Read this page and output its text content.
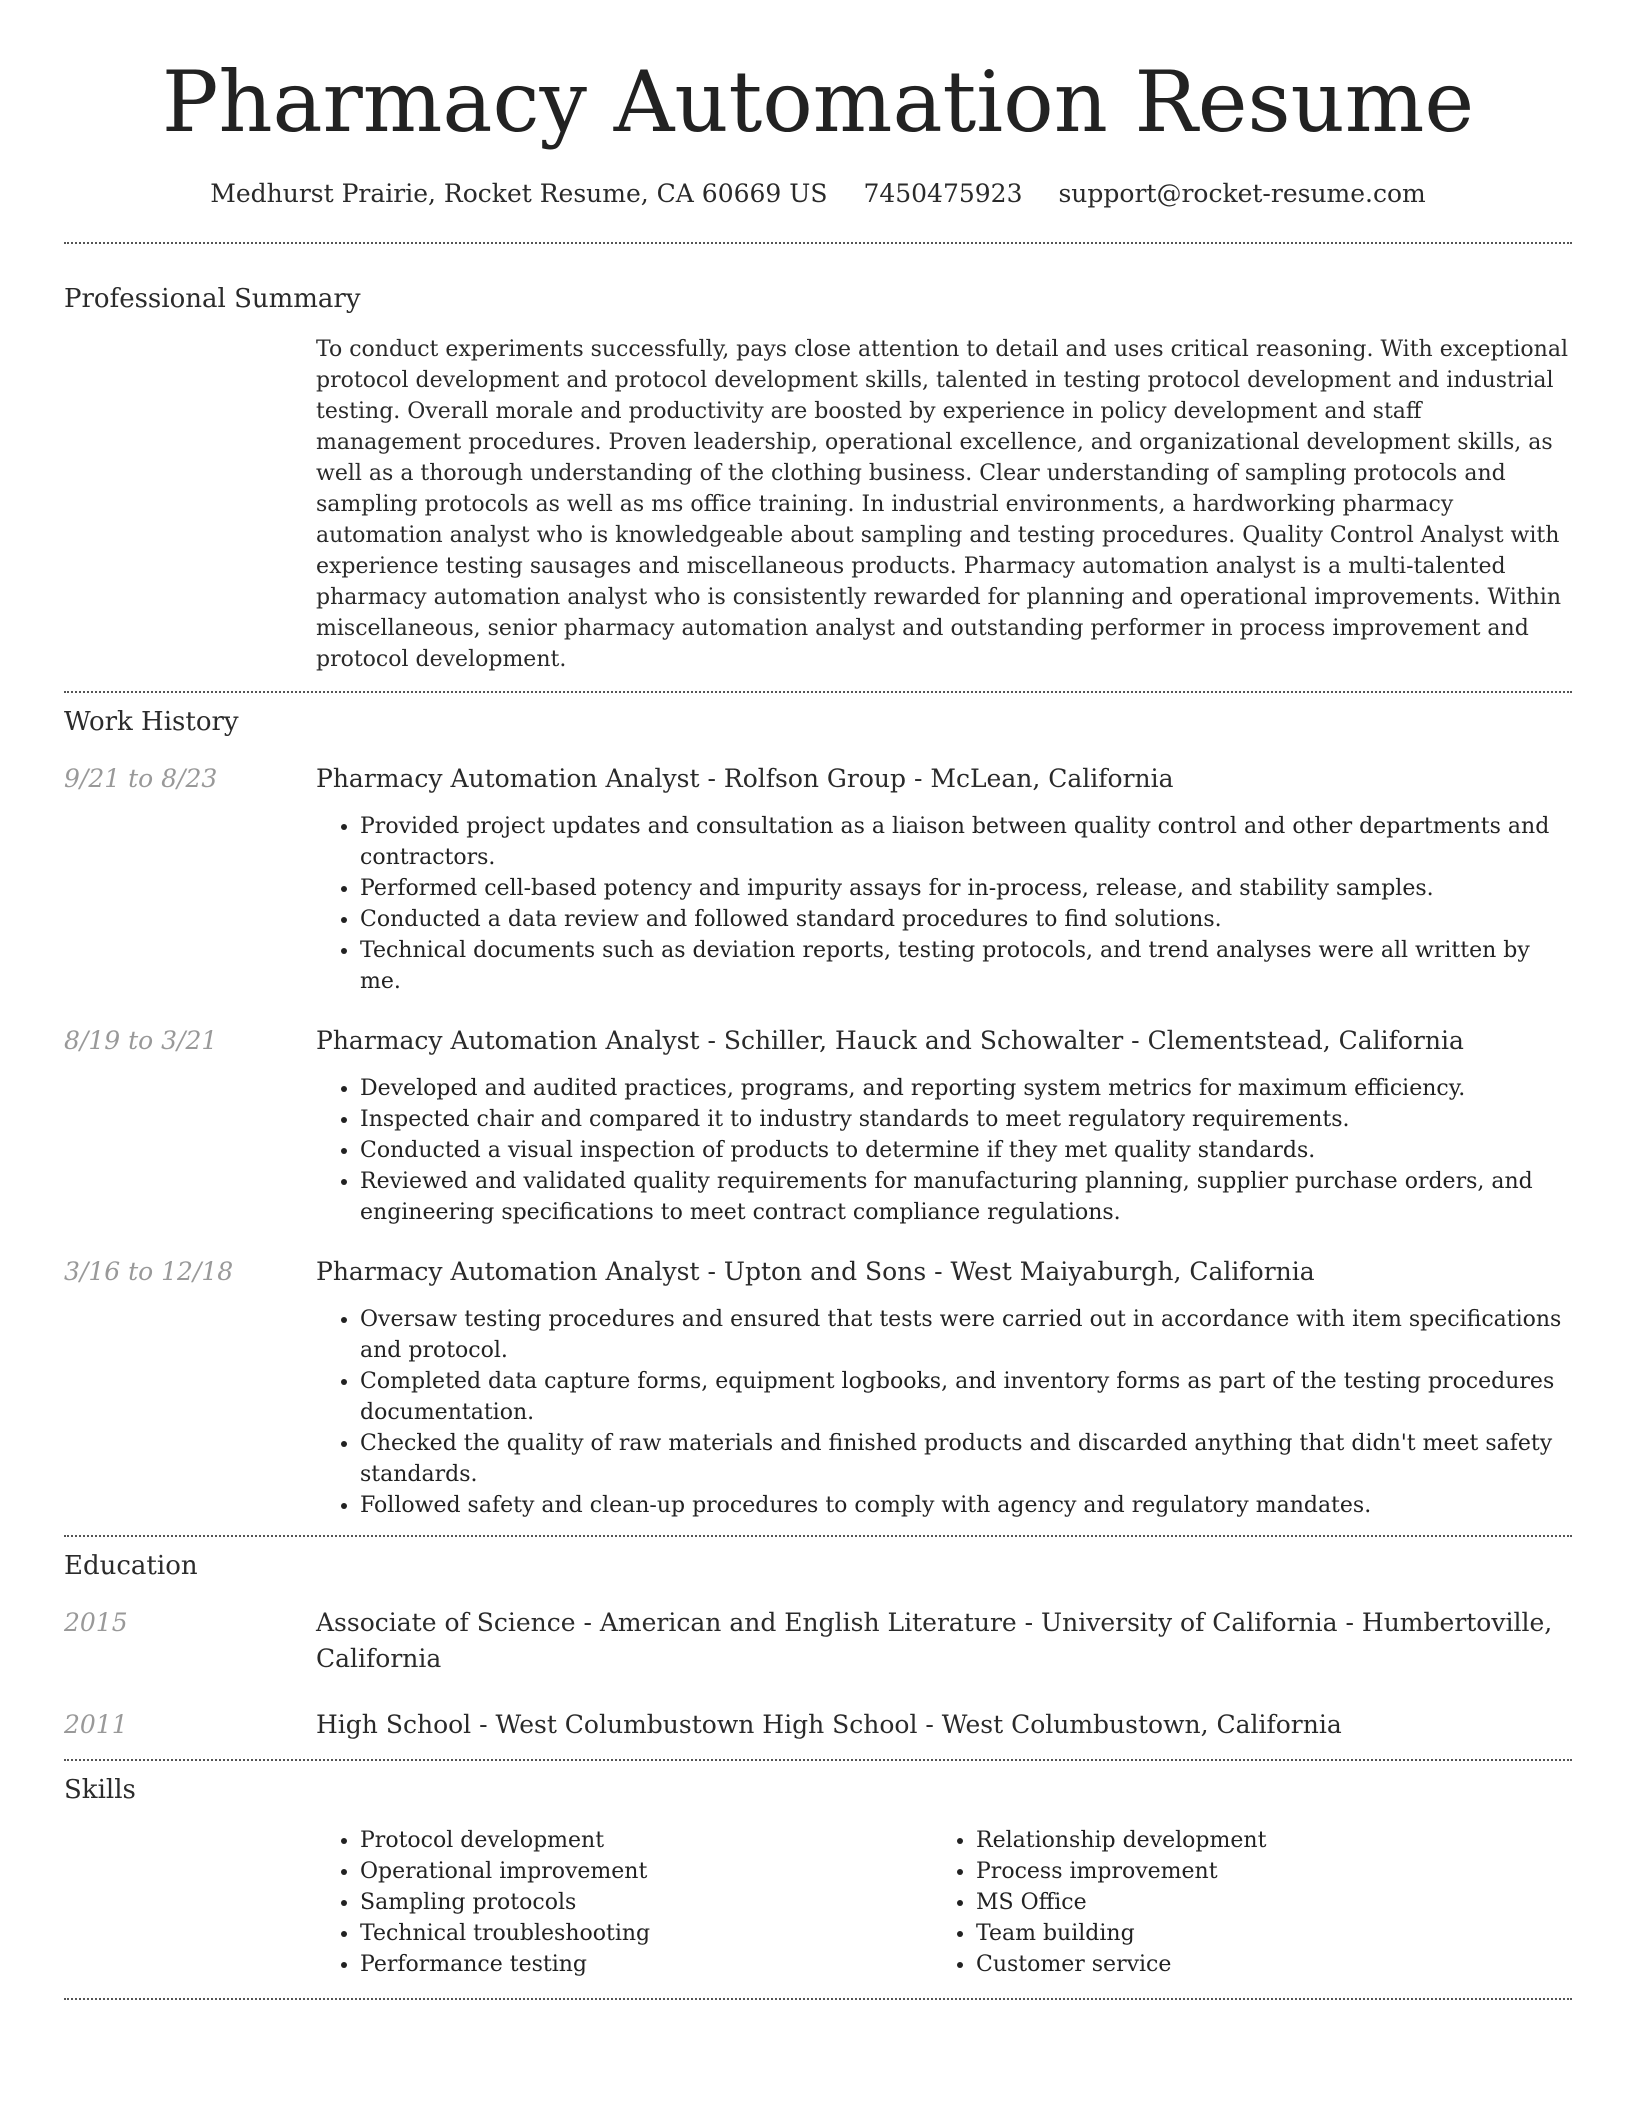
Pharmacy Automation Resume
Medhurst Prairie, Rocket Resume, CA 60669 US 7450475923 support@rocket-resume.com
Professional Summary
To conduct experiments successfully, pays close attention to detail and uses critical reasoning. With exceptional protocol development and protocol development skills, talented in testing protocol development and industrial testing. Overall morale and productivity are boosted by experience in policy development and staff management procedures. Proven leadership, operational excellence, and organizational development skills, as well as a thorough understanding of the clothing business. Clear understanding of sampling protocols and sampling protocols as well as ms office training. In industrial environments, a hardworking pharmacy automation analyst who is knowledgeable about sampling and testing procedures. Quality Control Analyst with experience testing sausages and miscellaneous products. Pharmacy automation analyst is a multi-talented pharmacy automation analyst who is consistently rewarded for planning and operational improvements. Within miscellaneous, senior pharmacy automation analyst and outstanding performer in process improvement and protocol development.
Work History
9/21 to 8/23	Pharmacy Automation Analyst - Rolfson Group - McLean, California
• Provided project updates and consultation as a liaison between quality control and other departments and contractors.
• Performed cell-based potency and impurity assays for in-process, release, and stability samples.
• Conducted a data review and followed standard procedures to find solutions.
• Technical documents such as deviation reports, testing protocols, and trend analyses were all written by me.
8/19 to 3/21	Pharmacy Automation Analyst - Schiller, Hauck and Schowalter - Clementstead, California
• Developed and audited practices, programs, and reporting system metrics for maximum efficiency.
• Inspected chair and compared it to industry standards to meet regulatory requirements.
• Conducted a visual inspection of products to determine if they met quality standards.
• Reviewed and validated quality requirements for manufacturing planning, supplier purchase orders, and engineering specifications to meet contract compliance regulations.
3/16 to 12/18	Pharmacy Automation Analyst - Upton and Sons - West Maiyaburgh, California
• Oversaw testing procedures and ensured that tests were carried out in accordance with item specifications and protocol.
• Completed data capture forms, equipment logbooks, and inventory forms as part of the testing procedures documentation.
• Checked the quality of raw materials and finished products and discarded anything that didn't meet safety standards.
• Followed safety and clean-up procedures to comply with agency and regulatory mandates.
Education
2015	Associate of Science - American and English Literature - University of California - Humbertoville, California
2011	High School - West Columbustown High School - West Columbustown, California
Skills
• Protocol development
• Operational improvement
• Sampling protocols
• Technical troubleshooting
• Performance testing
• Relationship development
• Process improvement
• MS Office
• Team building
• Customer service
